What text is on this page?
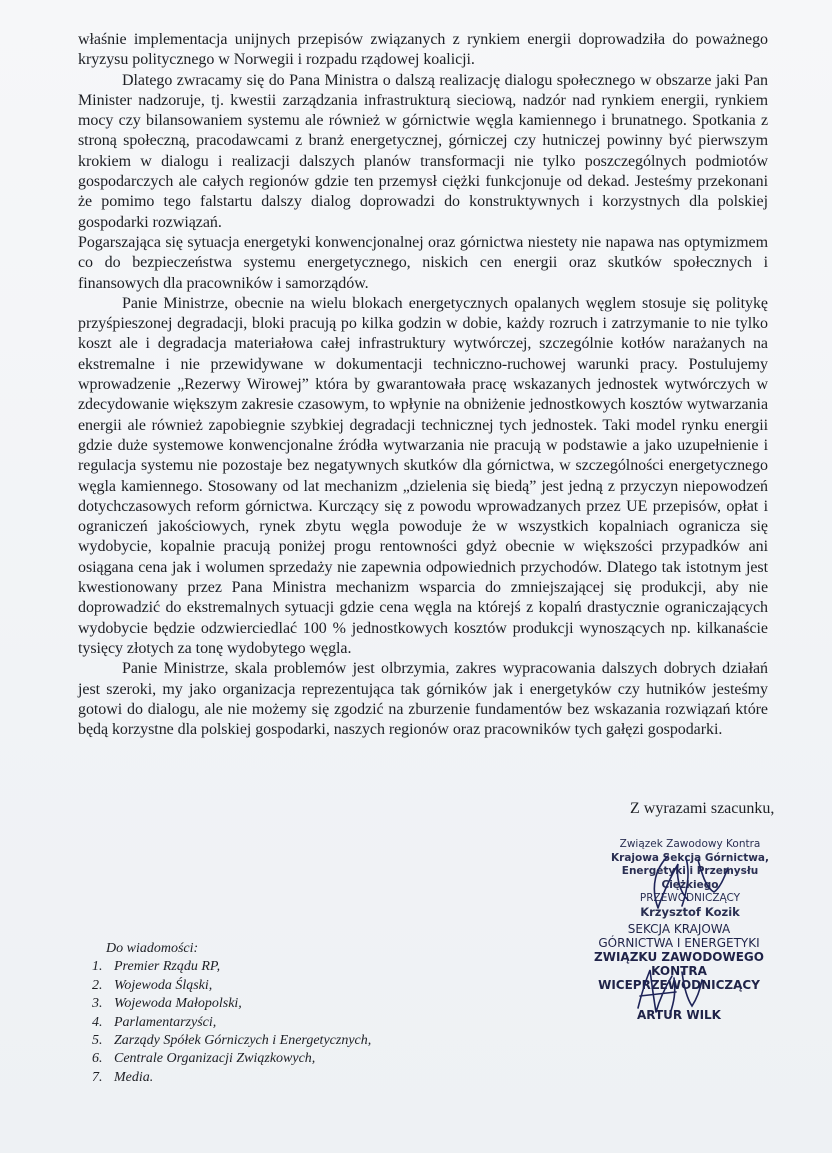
właśnie implementacja unijnych przepisów związanych z rynkiem energii doprowadziła do poważnego kryzysu politycznego w Norwegii i rozpadu rządowej koalicji.

Dlatego zwracamy się do Pana Ministra o dalszą realizację dialogu społecznego w obszarze jaki Pan Minister nadzoruje, tj. kwestii zarządzania infrastrukturą sieciową, nadzór nad rynkiem energii, rynkiem mocy czy bilansowaniem systemu ale również w górnictwie węgla kamiennego i brunatnego. Spotkania z stroną społeczną, pracodawcami z branż energetycznej, górniczej czy hutniczej powinny być pierwszym krokiem w dialogu i realizacji dalszych planów transformacji nie tylko poszczególnych podmiotów gospodarczych ale całych regionów gdzie ten przemysł ciężki funkcjonuje od dekad. Jesteśmy przekonani że pomimo tego falstartu dalszy dialog doprowadzi do konstruktywnych i korzystnych dla polskiej gospodarki rozwiązań.

Pogarszająca się sytuacja energetyki konwencjonalnej oraz górnictwa niestety nie napawa nas optymizmem co do bezpieczeństwa systemu energetycznego, niskich cen energii oraz skutków społecznych i finansowych dla pracowników i samorządów.

Panie Ministrze, obecnie na wielu blokach energetycznych opalanych węglem stosuje się politykę przyśpieszonej degradacji, bloki pracują po kilka godzin w dobie, każdy rozruch i zatrzymanie to nie tylko koszt ale i degradacja materiałowa całej infrastruktury wytwórczej, szczególnie kotłów narażanych na ekstremalne i nie przewidywane w dokumentacji techniczno-ruchowej warunki pracy. Postulujemy wprowadzenie „Rezerwy Wirowej” która by gwarantowała pracę wskazanych jednostek wytwórczych w zdecydowanie większym zakresie czasowym, to wpłynie na obniżenie jednostkowych kosztów wytwarzania energii ale również zapobiegnie szybkiej degradacji technicznej tych jednostek. Taki model rynku energii gdzie duże systemowe konwencjonalne źródła wytwarzania nie pracują w podstawie a jako uzupełnienie i regulacja systemu nie pozostaje bez negatywnych skutków dla górnictwa, w szczególności energetycznego węgla kamiennego. Stosowany od lat mechanizm „dzielenia się biedą” jest jedną z przyczyn niepowodzeń dotychczasowych reform górnictwa. Kurczący się z powodu wprowadzanych przez UE przepisów, opłat i ograniczeń jakościowych, rynek zbytu węgla powoduje że w wszystkich kopalniach ogranicza się wydobycie, kopalnie pracują poniżej progu rentowności gdyż obecnie w większości przypadków ani osiągana cena jak i wolumen sprzedaży nie zapewnia odpowiednich przychodów. Dlatego tak istotnym jest kwestionowany przez Pana Ministra mechanizm wsparcia do zmniejszającej się produkcji, aby nie doprowadzić do ekstremalnych sytuacji gdzie cena węgla na którejś z kopalń drastycznie ograniczających wydobycie będzie odzwierciedlać 100 % jednostkowych kosztów produkcji wynoszących np. kilkanaście tysięcy złotych za tonę wydobytego węgla.

Panie Ministrze, skala problemów jest olbrzymia, zakres wypracowania dalszych dobrych działań jest szeroki, my jako organizacja reprezentująca tak górników jak i energetyków czy hutników jesteśmy gotowi do dialogu, ale nie możemy się zgodzić na zburzenie fundamentów bez wskazania rozwiązań które będą korzystne dla polskiej gospodarki, naszych regionów oraz pracowników tych gałęzi gospodarki.

Z wyrazami szacunku,
Związek Zawodowy Kontra
Krajowa Sekcja Górnictwa,
Energetyki i Przemysłu Ciężkiego
PRZEWODNICZĄCY
Krzysztof Kozik
SEKCJA KRAJOWA
GÓRNICTWA I ENERGETYKI
ZWIĄZKU ZAWODOWEGO KONTRA
WICEPRZEWODNICZĄCY
ARTUR WILK
Do wiadomości:
1. Premier Rządu RP,
2. Wojewoda Śląski,
3. Wojewoda Małopolski,
4. Parlamentarzyści,
5. Zarządy Spółek Górniczych i Energetycznych,
6. Centrale Organizacji Związkowych,
7. Media.
